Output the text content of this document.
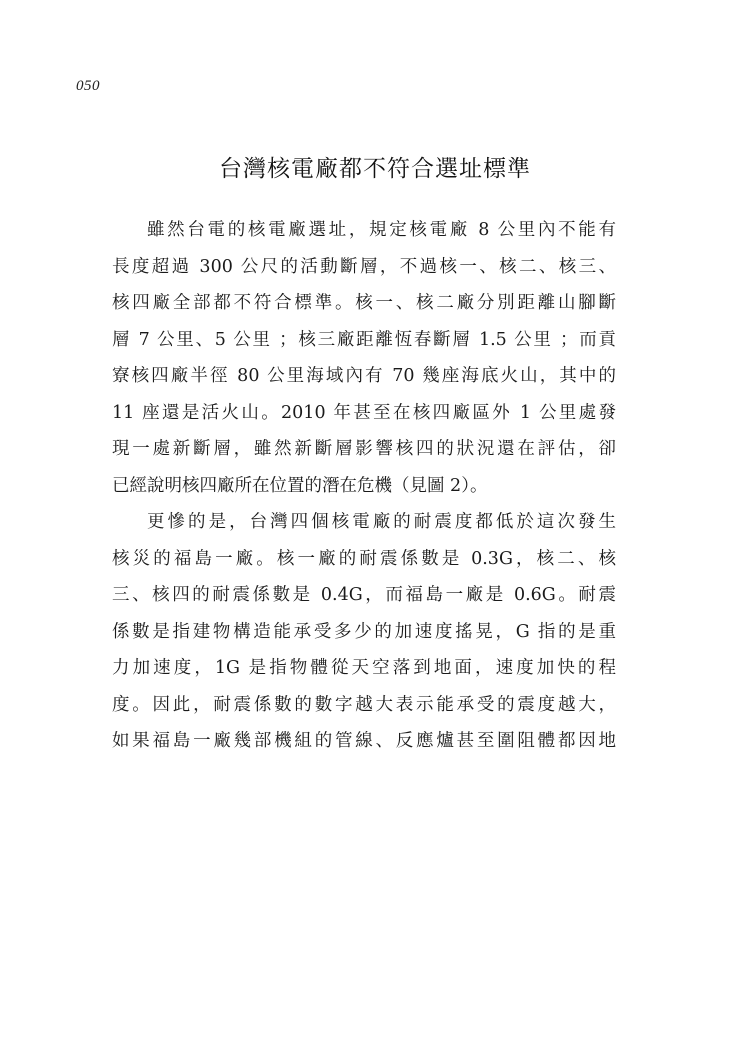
050
台灣核電廠都不符合選址標準

雖然台電的核電廠選址，規定核電廠 8 公里內不能有
長度超過 300 公尺的活動斷層，不過核一、核二、核三、
核四廠全部都不符合標準。核一、核二廠分別距離山腳斷
層 7 公里、5 公里 ；核三廠距離恆春斷層 1.5 公里 ；而貢
寮核四廠半徑 80 公里海域內有 70 幾座海底火山，其中的
11 座還是活火山。2010 年甚至在核四廠區外 1 公里處發
現一處新斷層，雖然新斷層影響核四的狀況還在評估，卻
已經說明核四廠所在位置的潛在危機（見圖 2）。

更慘的是，台灣四個核電廠的耐震度都低於這次發生
核災的福島一廠。核一廠的耐震係數是 0.3G，核二、核
三、核四的耐震係數是 0.4G，而福島一廠是 0.6G。耐震
係數是指建物構造能承受多少的加速度搖晃，G 指的是重
力加速度，1G 是指物體從天空落到地面，速度加快的程
度。因此，耐震係數的數字越大表示能承受的震度越大，
如果福島一廠幾部機組的管線、反應爐甚至圍阻體都因地
